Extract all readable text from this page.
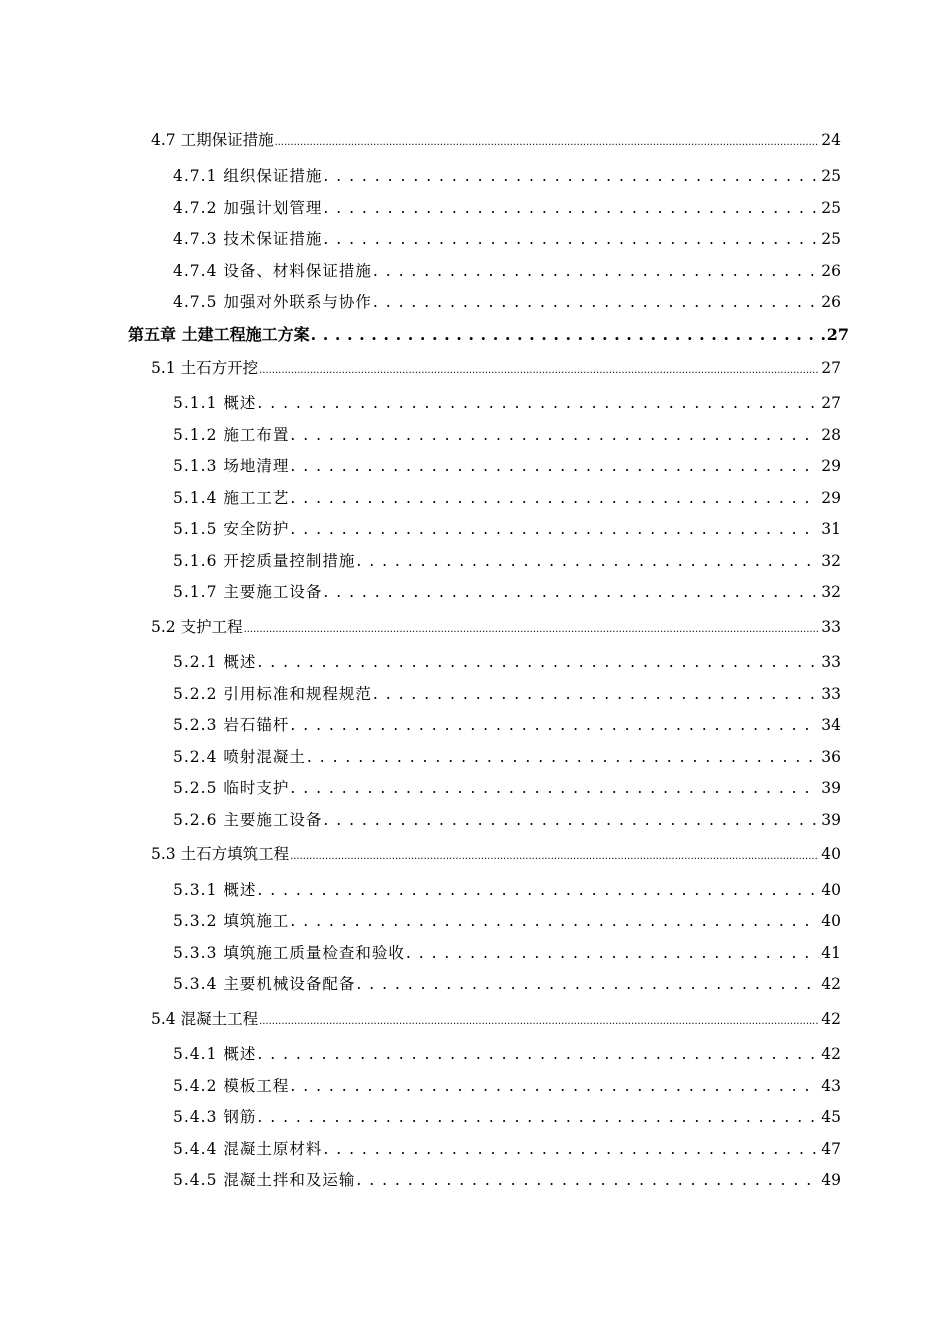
4.7 工期保证措施 .....	24
4.7.1 组织保证措施 . . .	25
4.7.2 加强计划管理 . . .	25
4.7.3 技术保证措施 . . .	25
4.7.4 设备、材料保证措施 . . .	26
4.7.5 加强对外联系与协作 . . .	26
第五章 土建工程施工方案 . . .	27
5.1 土石方开挖 .....	27
5.1.1 概述 . . .	27
5.1.2 施工布置 . . .	28
5.1.3 场地清理 . . .	29
5.1.4 施工工艺 . . .	29
5.1.5 安全防护 . . .	31
5.1.6 开挖质量控制措施 . . .	32
5.1.7 主要施工设备 . . .	32
5.2 支护工程 .....	33
5.2.1 概述 . . .	33
5.2.2 引用标准和规程规范 . . .	33
5.2.3 岩石锚杆 . . .	34
5.2.4 喷射混凝土 . . .	36
5.2.5 临时支护 . . .	39
5.2.6 主要施工设备 . . .	39
5.3 土石方填筑工程 .....	40
5.3.1 概述 . . .	40
5.3.2 填筑施工 . . .	40
5.3.3 填筑施工质量检查和验收 . . .	41
5.3.4 主要机械设备配备 . . .	42
5.4 混凝土工程 .....	42
5.4.1 概述 . . .	42
5.4.2 模板工程 . . .	43
5.4.3 钢筋 . . .	45
5.4.4 混凝土原材料 . . .	47
5.4.5 混凝土拌和及运输 . . .	49
